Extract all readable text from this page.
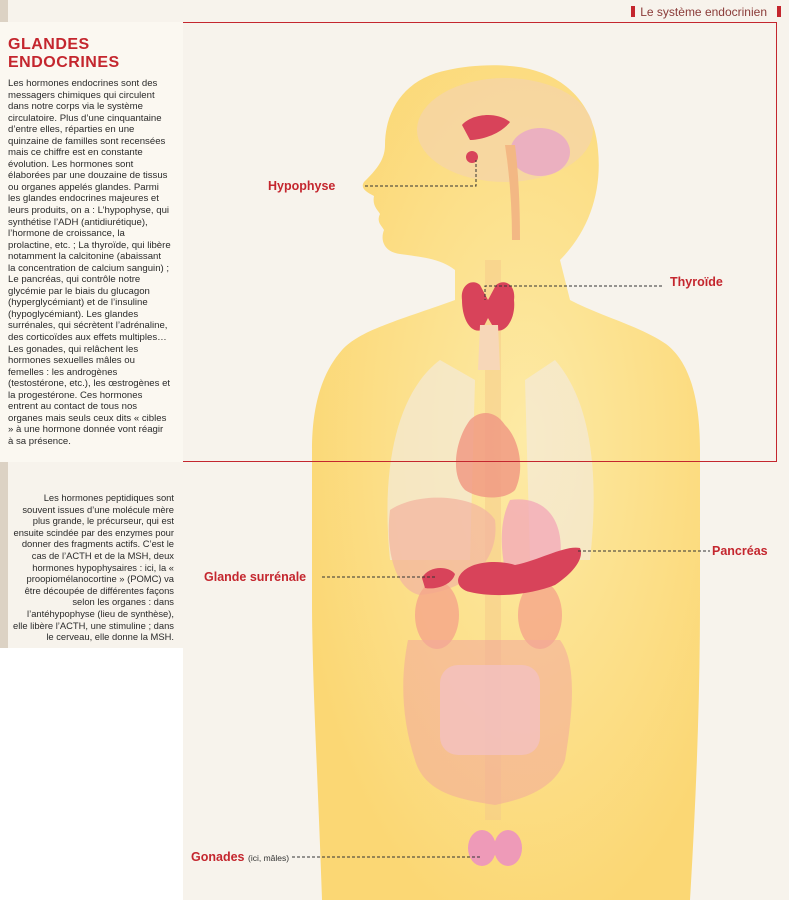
Le système endocrinien
GLANDES
ENDOCRINES
Les hormones endocrines sont des messagers chimiques qui circulent dans notre corps via le système circulatoire. Plus d’une cinquantaine d’entre elles, réparties en une quinzaine de familles sont recensées mais ce chiffre est en constante évolution. Les hormones sont élaborées par une douzaine de tissus ou organes appelés glandes. Parmi les glandes endocrines majeures et leurs produits, on a : L’hypophyse, qui synthétise l’ADH (antidiurétique), l’hormone de croissance, la prolactine, etc. ; La thyroïde, qui libère notamment la calcitonine (abaissant la concentration de calcium sanguin) ; Le pancréas, qui contrôle notre glycémie par le biais du glucagon (hyperglycémiant) et de l’insuline (hypoglycémiant). Les glandes surrénales, qui sécrètent l’adrénaline, des corticoïdes aux effets multiples… Les gonades, qui relâchent les hormones sexuelles mâles ou femelles : les androgènes (testostérone, etc.), les œstrogènes et la progestérone. Ces hormones entrent au contact de tous nos organes mais seuls ceux dits « cibles » à une hormone donnée vont réagir à sa présence.
Les hormones peptidiques sont souvent issues d’une molécule mère plus grande, le précurseur, qui est ensuite scindée par des enzymes pour donner des fragments actifs. C’est le cas de l’ACTH et de la MSH, deux hormones hypophysaires : ici, la « proopiomélanocortine » (POMC) va être découpée de différentes façons selon les organes : dans l’antéhypophyse (lieu de synthèse), elle libère l’ACTH, une stimuline ; dans le cerveau, elle donne la MSH.
Hypophyse
Thyroïde
Pancréas
Glande surrénale
Gonades (ici, mâles)
